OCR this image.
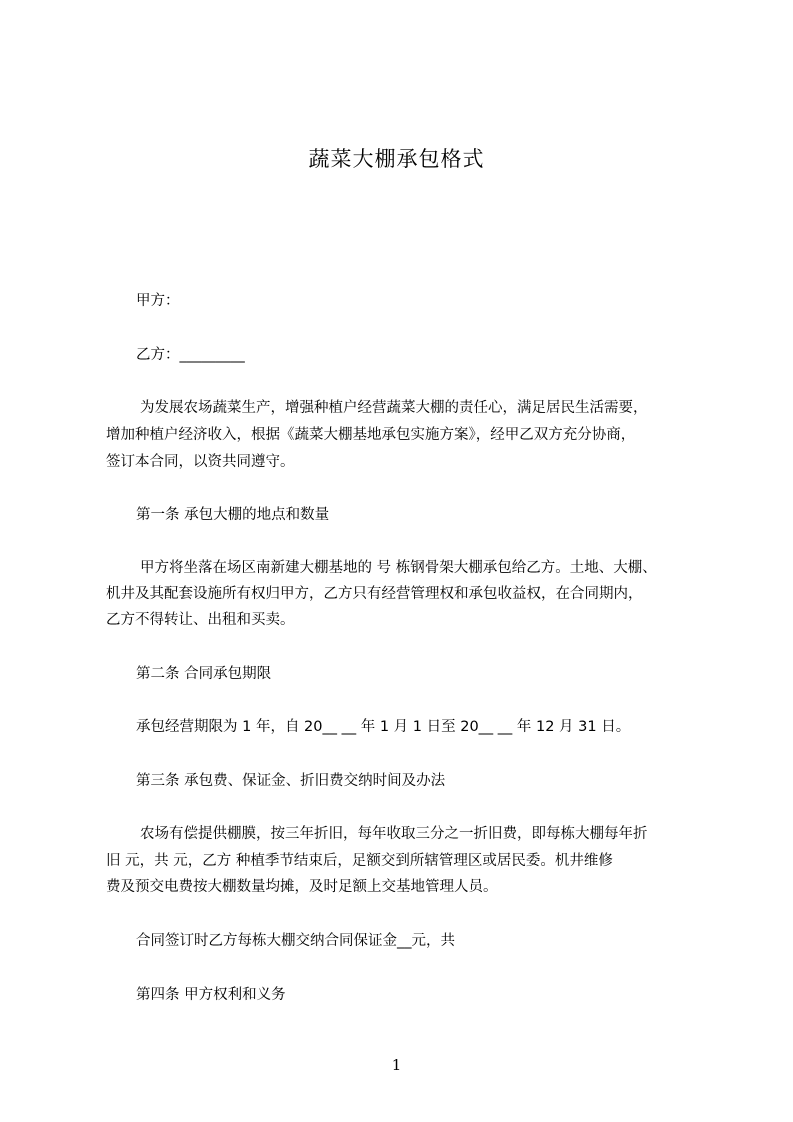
蔬菜大棚承包格式
甲方：
乙方：_________
为发展农场蔬菜生产，增强种植户经营蔬菜大棚的责任心，满足居民生活需要，
增加种植户经济收入，根据《蔬菜大棚基地承包实施方案》，经甲乙双方充分协商，
签订本合同，以资共同遵守。
第一条 承包大棚的地点和数量
甲方将坐落在场区南新建大棚基地的 号 栋钢骨架大棚承包给乙方。土地、大棚、
机井及其配套设施所有权归甲方，乙方只有经营管理权和承包收益权，在合同期内，
乙方不得转让、出租和买卖。
第二条 合同承包期限
承包经营期限为 1 年，自 20__ __ 年 1 月 1 日至 20__ __ 年 12 月 31 日。
第三条 承包费、保证金、折旧费交纳时间及办法
农场有偿提供棚膜，按三年折旧，每年收取三分之一折旧费，即每栋大棚每年折
旧 元，共 元，乙方 种植季节结束后，足额交到所辖管理区或居民委。机井维修
费及预交电费按大棚数量均摊，及时足额上交基地管理人员。
合同签订时乙方每栋大棚交纳合同保证金__元，共
第四条 甲方权利和义务
1
